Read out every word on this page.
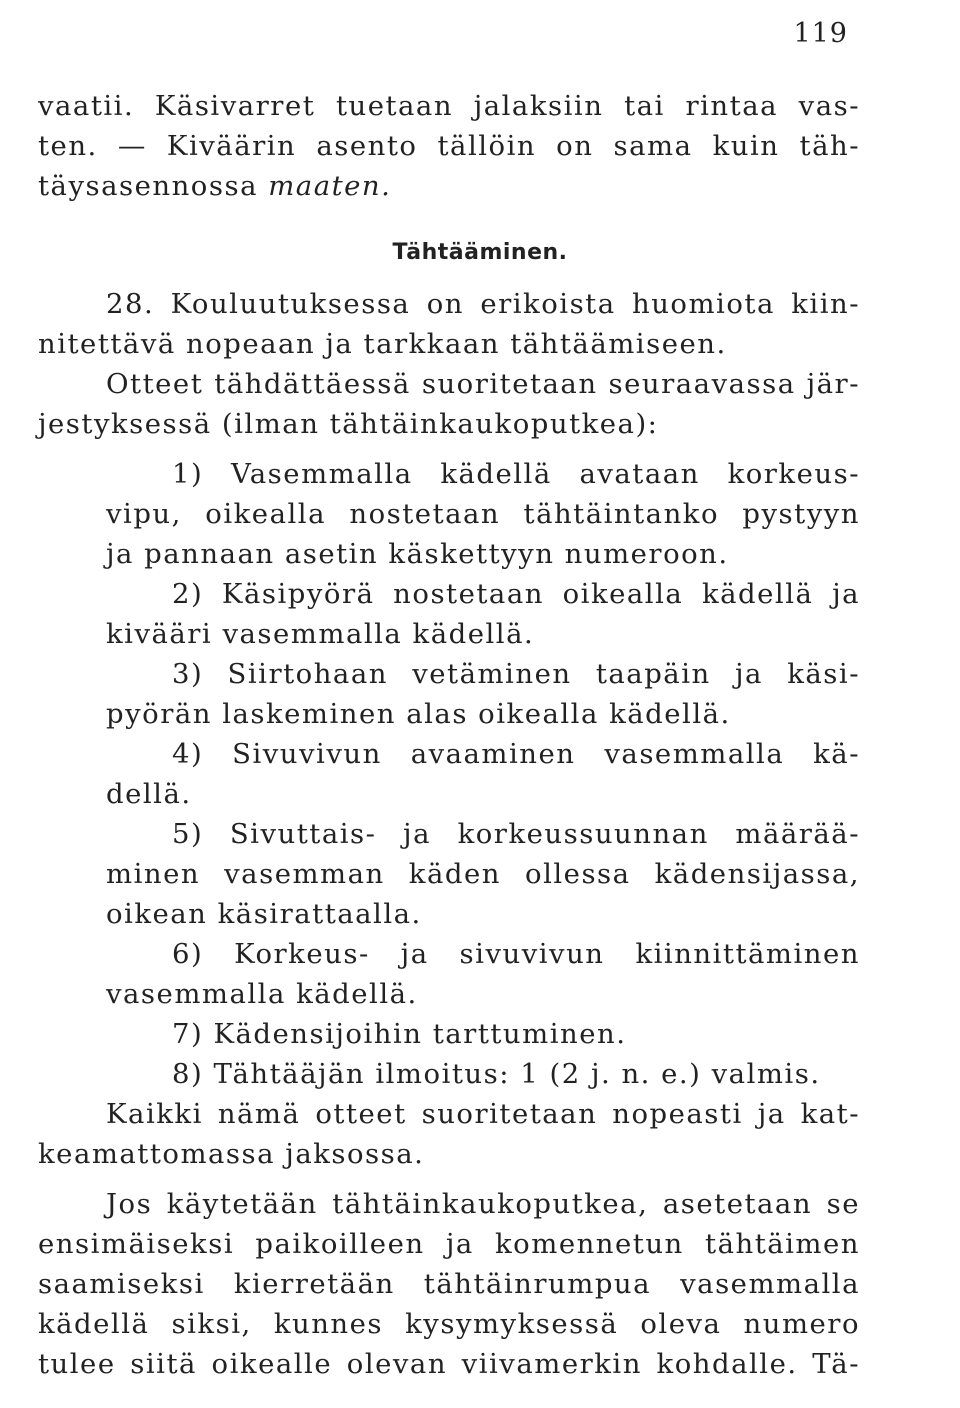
119
vaatii. Käsivarret tuetaan jalaksiin tai rintaa vas-
ten. — Kiväärin asento tällöin on sama kuin täh-
täysasennossa maaten.
Tähtääminen.
28. Kouluutuksessa on erikoista huomiota kiin-
nitettävä nopeaan ja tarkkaan tähtäämiseen.
Otteet tähdättäessä suoritetaan seuraavassa jär-
jestyksessä (ilman tähtäinkaukoputkea):
1) Vasemmalla kädellä avataan korkeus-
vipu, oikealla nostetaan tähtäintanko pystyyn
ja pannaan asetin käskettyyn numeroon.
2) Käsipyörä nostetaan oikealla kädellä ja
kivääri vasemmalla kädellä.
3) Siirtohaan vetäminen taapäin ja käsi-
pyörän laskeminen alas oikealla kädellä.
4) Sivuvivun avaaminen vasemmalla kä-
dellä.
5) Sivuttais- ja korkeussuunnan määrää-
minen vasemman käden ollessa kädensijassa,
oikean käsirattaalla.
6) Korkeus- ja sivuvivun kiinnittäminen
vasemmalla kädellä.
7) Kädensijoihin tarttuminen.
8) Tähtääjän ilmoitus: 1 (2 j. n. e.) valmis.
Kaikki nämä otteet suoritetaan nopeasti ja kat-
keamattomassa jaksossa.
Jos käytetään tähtäinkaukoputkea, asetetaan se
ensimäiseksi paikoilleen ja komennetun tähtäimen
saamiseksi kierretään tähtäinrumpua vasemmalla
kädellä siksi, kunnes kysymyksessä oleva numero
tulee siitä oikealle olevan viivamerkin kohdalle. Tä-
